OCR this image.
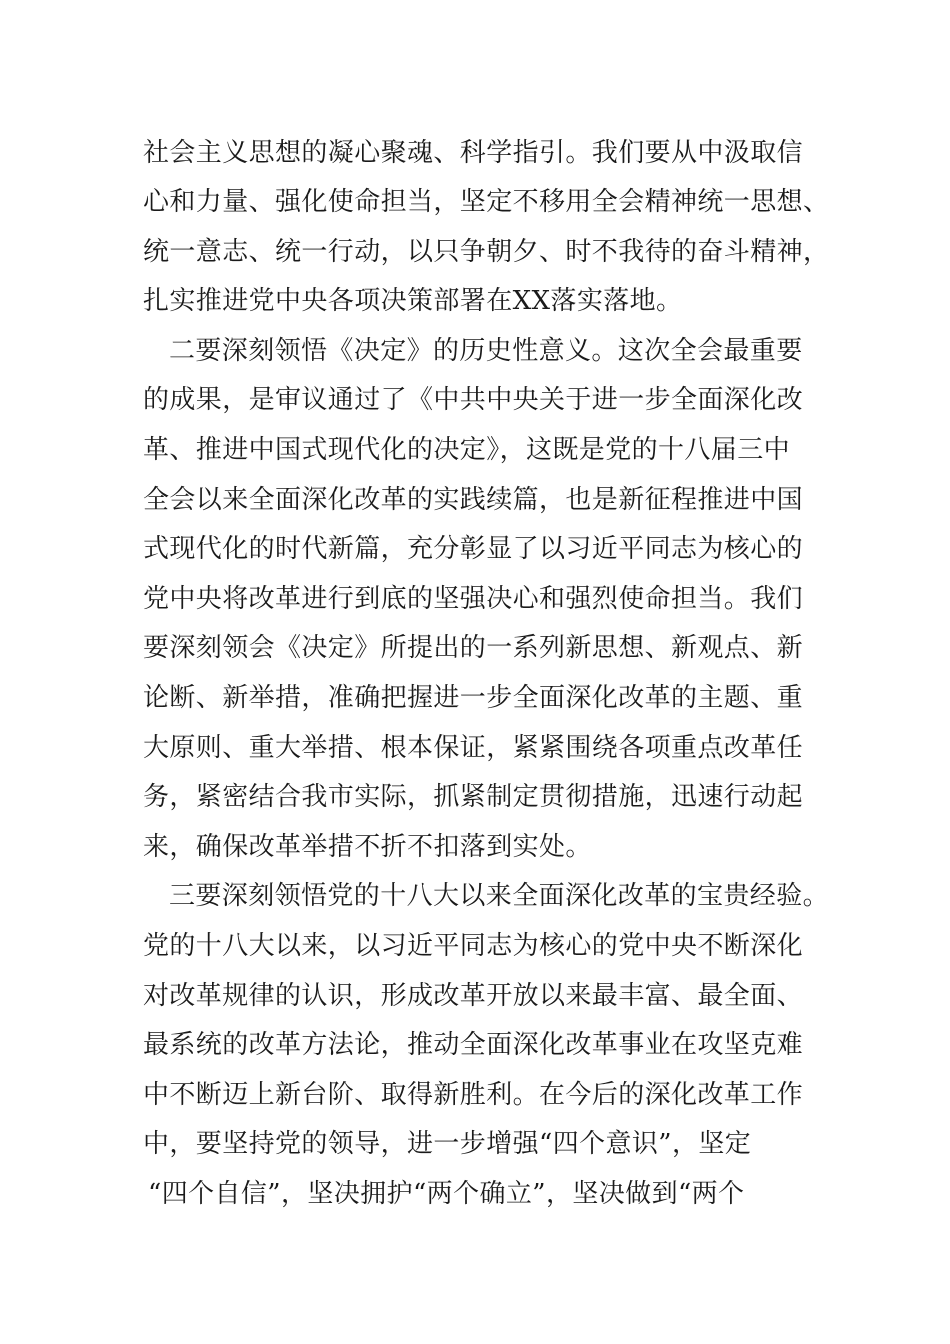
社会主义思想的凝心聚魂、科学指引。我们要从中汲取信
心和力量、强化使命担当，坚定不移用全会精神统一思想、
统一意志、统一行动，以只争朝夕、时不我待的奋斗精神，
扎实推进党中央各项决策部署在XX落实落地。
二要深刻领悟《决定》的历史性意义。这次全会最重要
的成果，是审议通过了《中共中央关于进一步全面深化改
革、推进中国式现代化的决定》，这既是党的十八届三中
全会以来全面深化改革的实践续篇，也是新征程推进中国
式现代化的时代新篇，充分彰显了以习近平同志为核心的
党中央将改革进行到底的坚强决心和强烈使命担当。我们
要深刻领会《决定》所提出的一系列新思想、新观点、新
论断、新举措，准确把握进一步全面深化改革的主题、重
大原则、重大举措、根本保证，紧紧围绕各项重点改革任
务，紧密结合我市实际，抓紧制定贯彻措施，迅速行动起
来，确保改革举措不折不扣落到实处。
三要深刻领悟党的十八大以来全面深化改革的宝贵经验。
党的十八大以来，以习近平同志为核心的党中央不断深化
对改革规律的认识，形成改革开放以来最丰富、最全面、
最系统的改革方法论，推动全面深化改革事业在攻坚克难
中不断迈上新台阶、取得新胜利。在今后的深化改革工作
中，要坚持党的领导，进一步增强“四个意识”，坚定
“四个自信”，坚决拥护“两个确立”，坚决做到“两个
